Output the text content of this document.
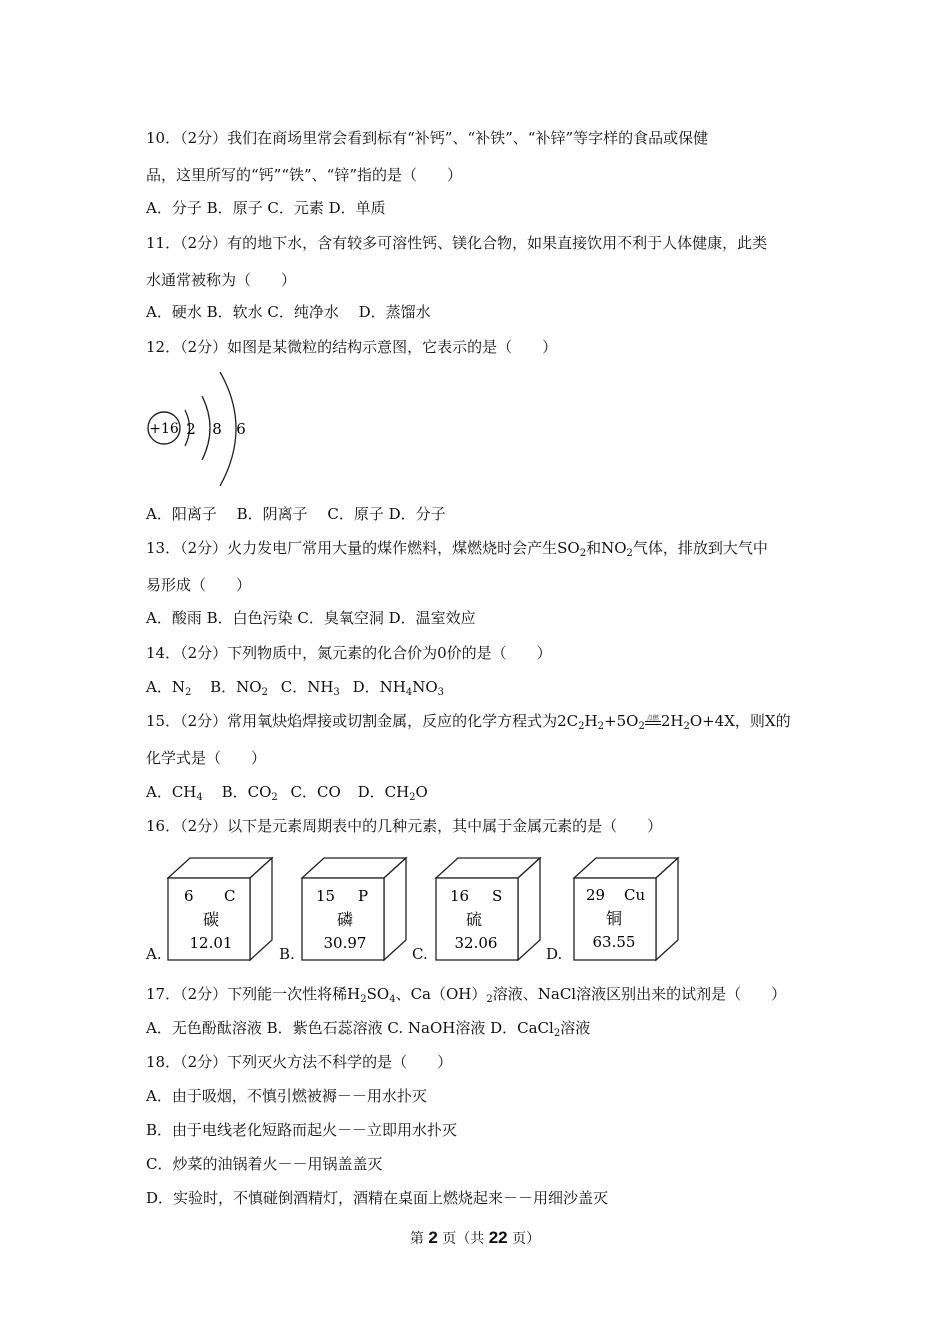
10．（2分）我们在商场里常会看到标有“补钙”、“补铁”、“补锌”等字样的食品或保健
品，这里所写的“钙”“铁”、“锌”指的是（　　）
A．分子 B．原子 C．元素 D．单质
11．（2分）有的地下水，含有较多可溶性钙、镁化合物，如果直接饮用不利于人体健康，此类
水通常被称为（　　）
A．硬水 B．软水 C．纯净水　 D．蒸馏水
12．（2分）如图是某微粒的结构示意图，它表示的是（　　）
+16 2 8 6
A．阳离子　 B．阴离子　 C．原子 D．分子
13．（2分）火力发电厂常用大量的煤作燃料，煤燃烧时会产生$SO_2$和$NO_2$气体，排放到大气中
易形成（　　）
A．酸雨 B．白色污染 C．臭氧空洞 D．温室效应
14．（2分）下列物质中，氮元素的化合价为0价的是（　　）
A．$N_2$ B．$NO_2$ C．$NH_3$ D．$NH_4NO_3$
15．（2分）常用氧炔焰焊接或切割金属，反应的化学方程式为$2C_2H_2+5O_2$
点燃 $2H_2O+4X$，则X的
化学式是（　　）
A．$CH_4$ B．$CO_2$ C．CO D．$CH_2O$
16．（2分）以下是元素周期表中的几种元素，其中属于金属元素的是（　　）
A.
6 C
碳
12.01
B.
15 P
磷
30.97
C.
16 S
硫
32.06
D.
29 Cu
铜
63.55
17．（2分）下列能一次性将稀$H_2SO_4$、$Ca(OH)_2$溶液、NaCl溶液区别出来的试剂是（　　）
A．无色酚酞溶液 B．紫色石蕊溶液 C. NaOH溶液 D．CaCl$_2$溶液
18．（2分）下列灭火方法不科学的是（　　）
A．由于吸烟，不慎引燃被褥－－用水扑灭
B．由于电线老化短路而起火－－立即用水扑灭
C．炒菜的油锅着火－－用锅盖盖灭
D．实验时，不慎碰倒酒精灯，酒精在桌面上燃烧起来－－用细沙盖灭
第 2 页（共 22 页）
